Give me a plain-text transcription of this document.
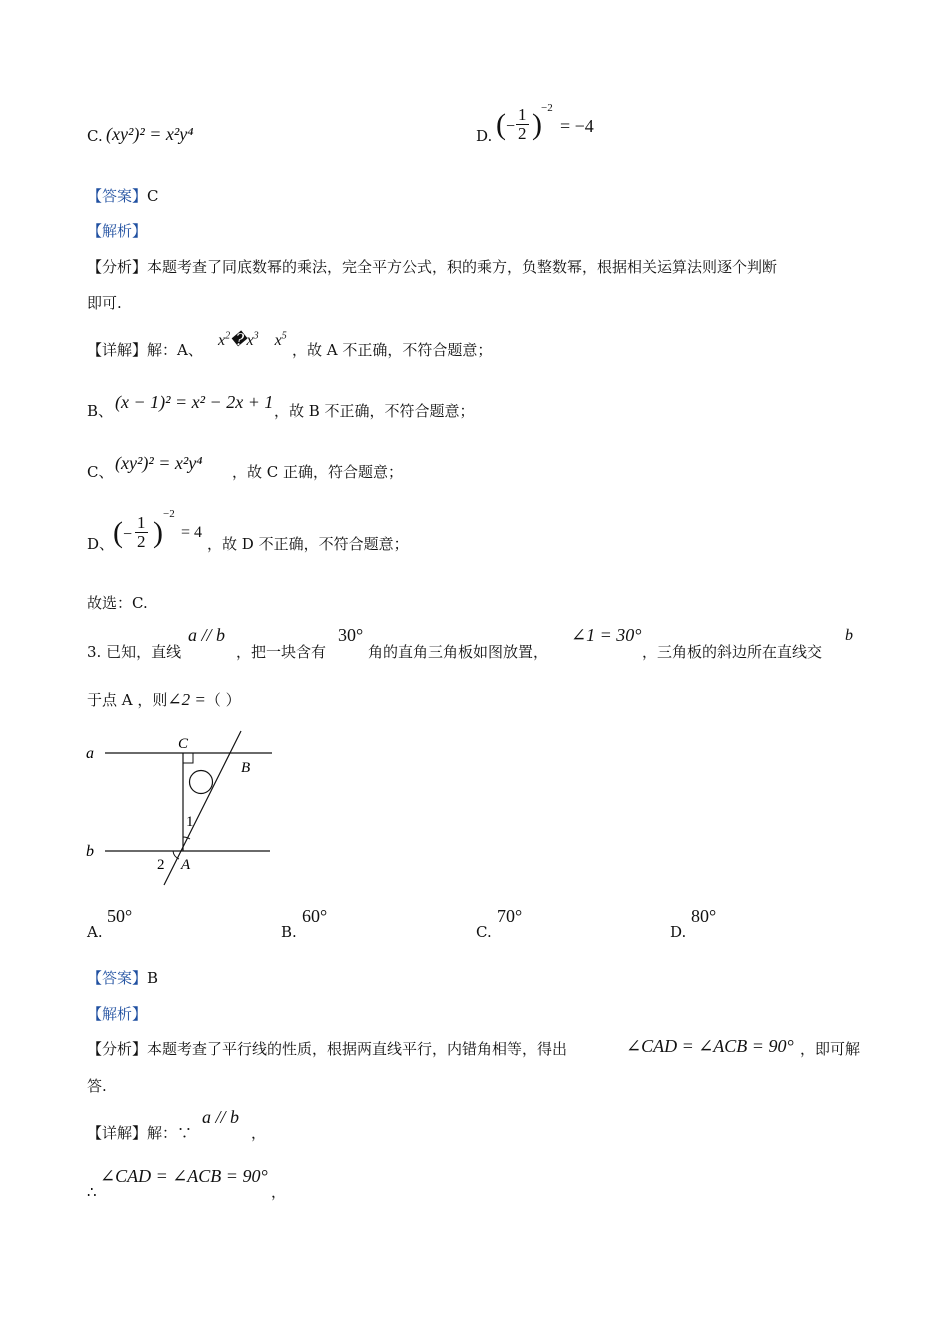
C. (xy²)² = x²y⁴	D. ( − $\frac{1}{2}$ ) −2
= −4
【答案】C
【解析】
【分析】本题考查了同底数幂的乘法，完全平方公式，积的乘方，负整数幂，根据相关运算法则逐个判断
即可.
【详解】解：A、
$x^2�x^3$ $x^5$
，故 A 不正确，不符合题意；
B、 (x − 1)² = x² − 2x + 1 ，故 B 不正确，不符合题意；
C、 (xy²)² = x²y⁴ ，故 C 正确，符合题意；
D、
( − $\frac{1}{2}$ )
−2
= 4
，故 D 不正确，不符合题意；
故选：C.
3. 已知，直线
a // b
，把一块含有
30°
角的直角三角板如图放置，
∠1 = 30°
，三角板的斜边所在直线交
b
于点 A ，则∠2 =（ ）
a
b
C
B
1
2 A
A.
50°
B.
60°
C.
70°
D.
80°
【答案】B
【解析】
【分析】本题考查了平行线的性质，根据两直线平行，内错角相等，得出	∠CAD = ∠ACB = 90° ，即可解
答.
【详解】解：∵
a // b
，
∴
∠CAD = ∠ACB = 90°
，
